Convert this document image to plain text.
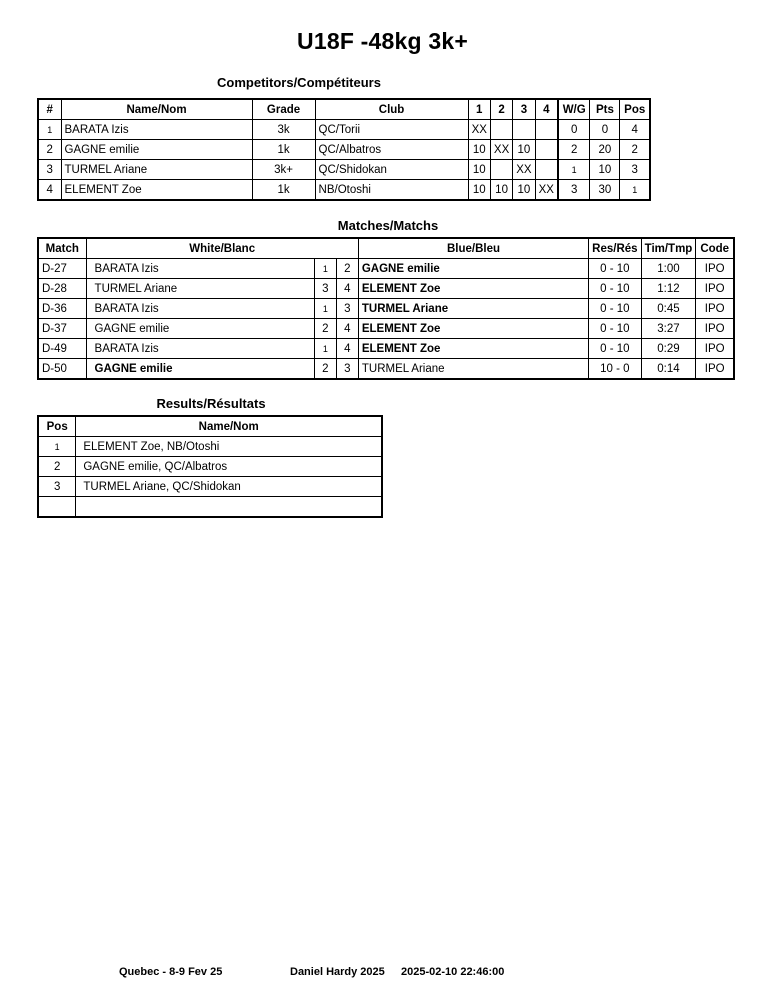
U18F -48kg 3k+
Competitors/Compétiteurs
#	Name/Nom	Grade	Club	1	2	3	4	W/G	Pts	Pos
1	BARATA Izis	3k	QC/Torii	XX				0	0	4
2	GAGNE emilie	1k	QC/Albatros	10	XX	10		2	20	2
3	TURMEL Ariane	3k+	QC/Shidokan	10		XX		1	10	3
4	ELEMENT Zoe	1k	NB/Otoshi	10	10	10	XX	3	30	1
Matches/Matchs
Match	White/Blanc			Blue/Bleu	Res/Rés	Tim/Tmp	Code
D-27	BARATA Izis	1	2	GAGNE emilie	0 - 10	1:00	IPO
D-28	TURMEL Ariane	3	4	ELEMENT Zoe	0 - 10	1:12	IPO
D-36	BARATA Izis	1	3	TURMEL Ariane	0 - 10	0:45	IPO
D-37	GAGNE emilie	2	4	ELEMENT Zoe	0 - 10	3:27	IPO
D-49	BARATA Izis	1	4	ELEMENT Zoe	0 - 10	0:29	IPO
D-50	GAGNE emilie	2	3	TURMEL Ariane	10 - 0	0:14	IPO
Results/Résultats
Pos	Name/Nom
1	ELEMENT Zoe, NB/Otoshi
2	GAGNE emilie, QC/Albatros
3	TURMEL Ariane, QC/Shidokan

Quebec - 8-9 Fev 25	Daniel Hardy 2025 2025-02-10 22:46:00
